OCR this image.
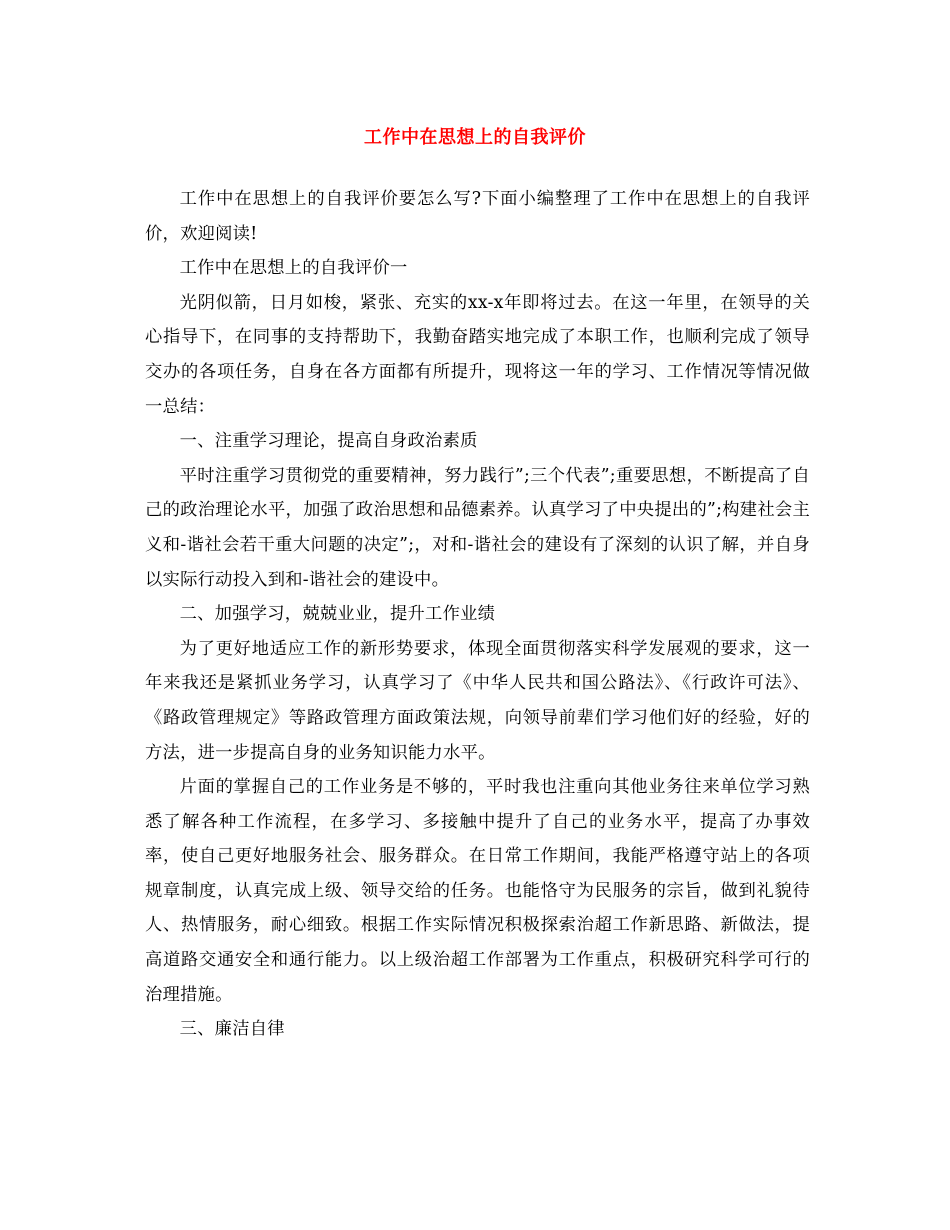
工作中在思想上的自我评价

工作中在思想上的自我评价要怎么写?下面小编整理了工作中在思想上的自我评价，欢迎阅读!

工作中在思想上的自我评价一

光阴似箭，日月如梭，紧张、充实的xx-x年即将过去。在这一年里，在领导的关心指导下，在同事的支持帮助下，我勤奋踏实地完成了本职工作，也顺利完成了领导交办的各项任务，自身在各方面都有所提升，现将这一年的学习、工作情况等情况做一总结：

一、注重学习理论，提高自身政治素质

平时注重学习贯彻党的重要精神，努力践行”;三个代表”;重要思想，不断提高了自己的政治理论水平，加强了政治思想和品德素养。认真学习了中央提出的”;构建社会主义和-谐社会若干重大问题的决定”;，对和-谐社会的建设有了深刻的认识了解，并自身以实际行动投入到和-谐社会的建设中。

二、加强学习，兢兢业业，提升工作业绩

为了更好地适应工作的新形势要求，体现全面贯彻落实科学发展观的要求，这一年来我还是紧抓业务学习，认真学习了《中华人民共和国公路法》、《行政许可法》、《路政管理规定》等路政管理方面政策法规，向领导前辈们学习他们好的经验，好的方法，进一步提高自身的业务知识能力水平。

片面的掌握自己的工作业务是不够的，平时我也注重向其他业务往来单位学习熟悉了解各种工作流程，在多学习、多接触中提升了自己的业务水平，提高了办事效率，使自己更好地服务社会、服务群众。在日常工作期间，我能严格遵守站上的各项规章制度，认真完成上级、领导交给的任务。也能恪守为民服务的宗旨，做到礼貌待人、热情服务，耐心细致。根据工作实际情况积极探索治超工作新思路、新做法，提高道路交通安全和通行能力。以上级治超工作部署为工作重点，积极研究科学可行的治理措施。

三、廉洁自律
